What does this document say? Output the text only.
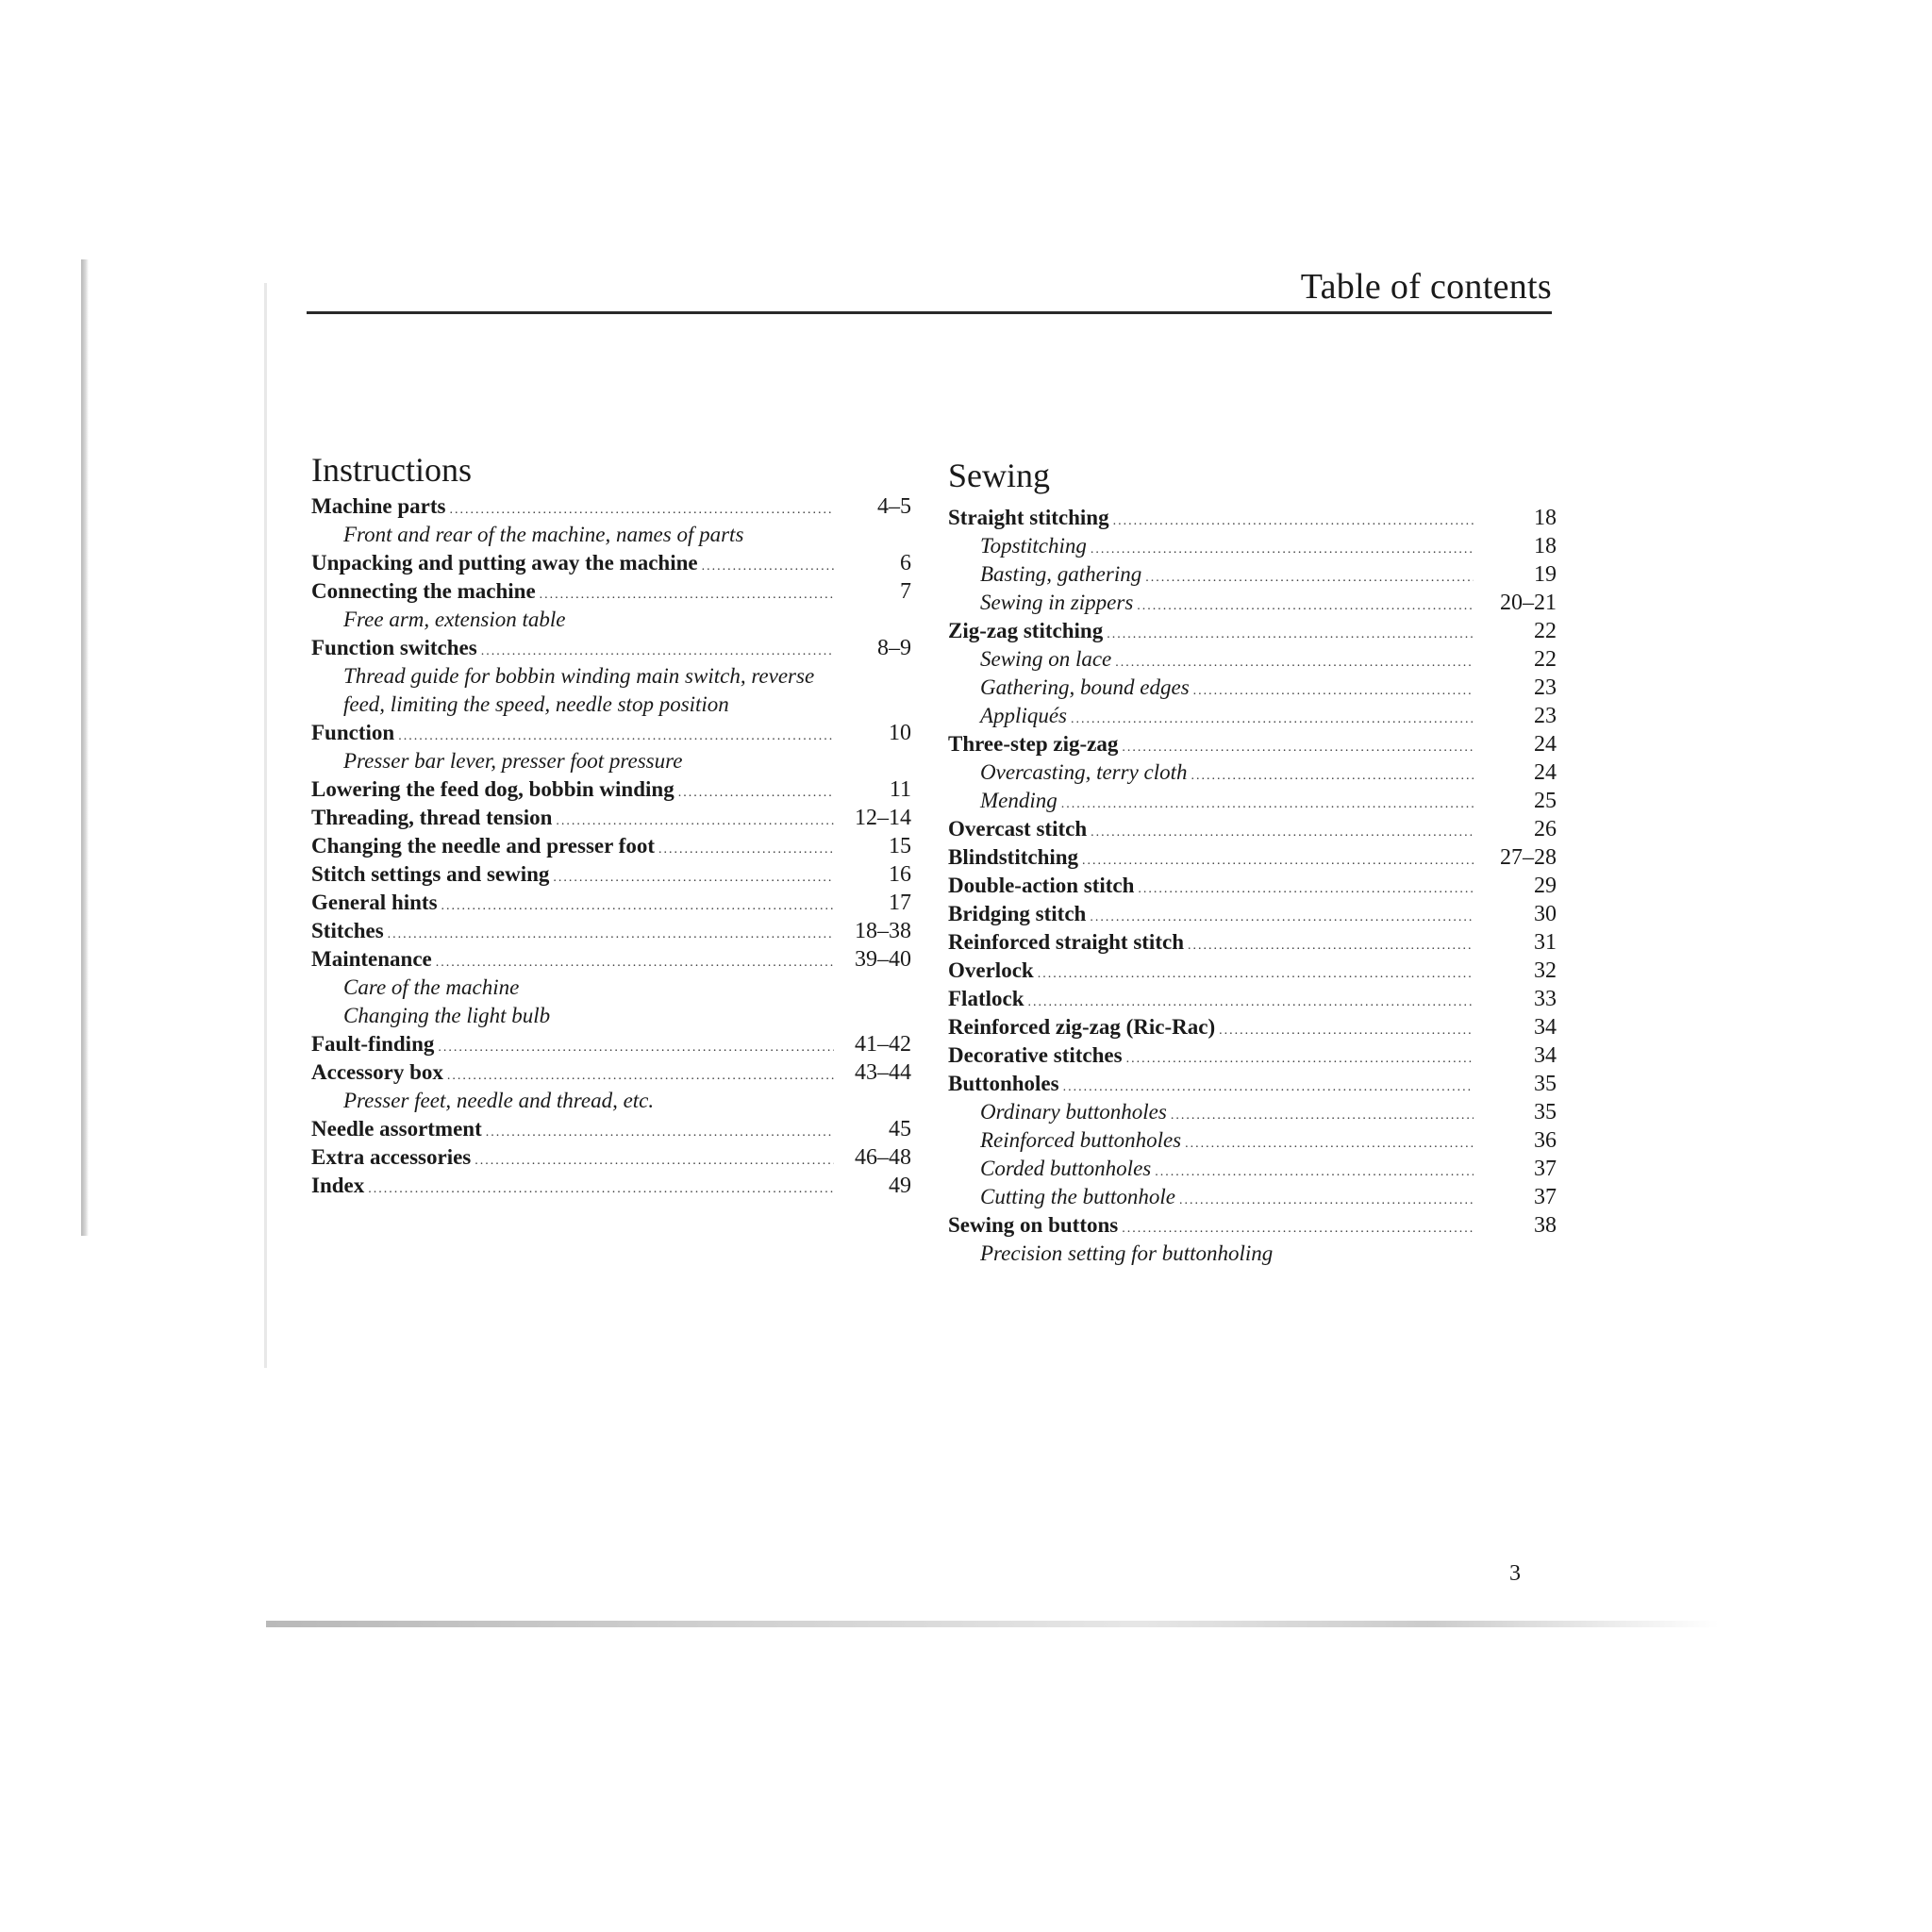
Table of contents
Instructions
Machine parts .....	4–5
Front and rear of the machine, names of parts
Unpacking and putting away the machine .....	6
Connecting the machine .....	7
Free arm, extension table
Function switches .....	8–9
Thread guide for bobbin winding main switch, reverse feed, limiting the speed, needle stop position
Function .....	10
Presser bar lever, presser foot pressure
Lowering the feed dog, bobbin winding .....	11
Threading, thread tension .....	12–14
Changing the needle and presser foot .....	15
Stitch settings and sewing .....	16
General hints .....	17
Stitches .....	18–38
Maintenance .....	39–40
Care of the machine
Changing the light bulb
Fault-finding .....	41–42
Accessory box .....	43–44
Presser feet, needle and thread, etc.
Needle assortment .....	45
Extra accessories .....	46–48
Index .....	49
Sewing
Straight stitching .....	18
Topstitching .....	18
Basting, gathering .....	19
Sewing in zippers .....	20–21
Zig-zag stitching .....	22
Sewing on lace .....	22
Gathering, bound edges .....	23
Appliqués .....	23
Three-step zig-zag .....	24
Overcasting, terry cloth .....	24
Mending .....	25
Overcast stitch .....	26
Blindstitching .....	27–28
Double-action stitch .....	29
Bridging stitch .....	30
Reinforced straight stitch .....	31
Overlock .....	32
Flatlock .....	33
Reinforced zig-zag (Ric-Rac) .....	34
Decorative stitches .....	34
Buttonholes .....	35
Ordinary buttonholes .....	35
Reinforced buttonholes .....	36
Corded buttonholes .....	37
Cutting the buttonhole .....	37
Sewing on buttons .....	38
Precision setting for buttonholing
3
